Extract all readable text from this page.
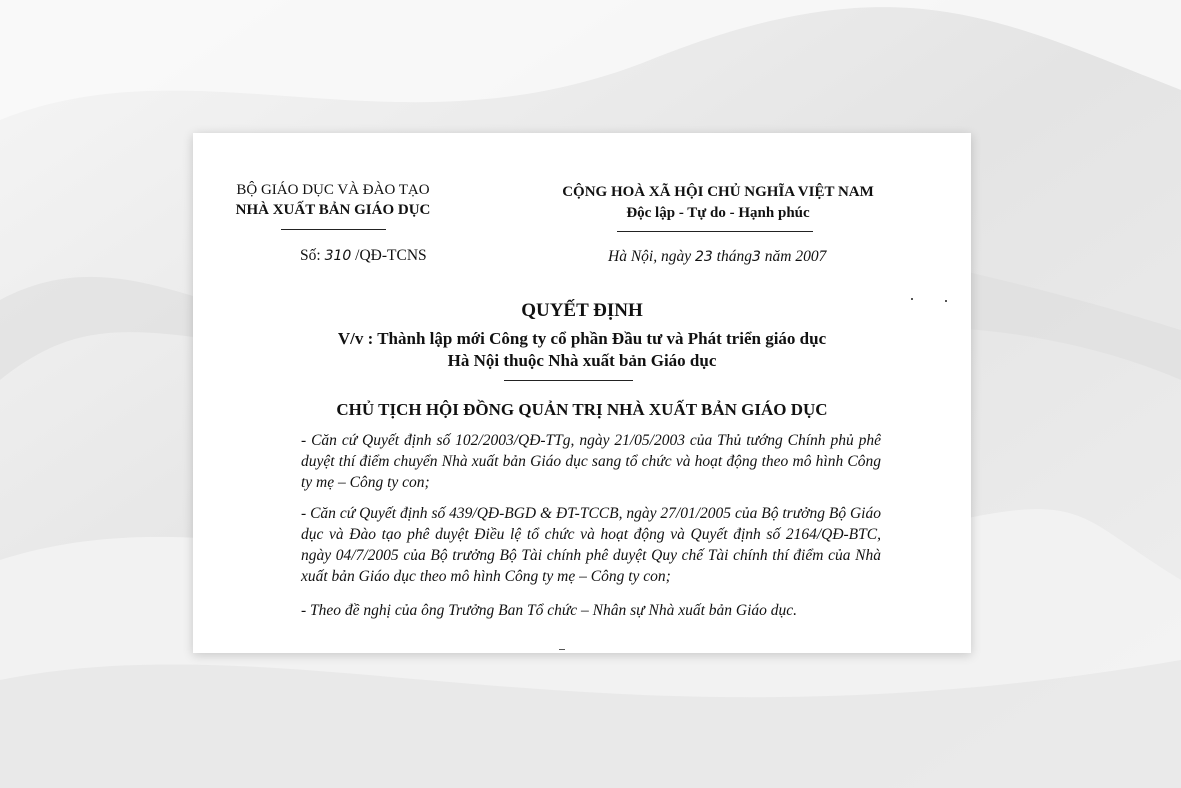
BỘ GIÁO DỤC VÀ ĐÀO TẠO
NHÀ XUẤT BẢN GIÁO DỤC
CỘNG HOÀ XÃ HỘI CHỦ NGHĨA VIỆT NAM
Độc lập - Tự do - Hạnh phúc
Số: 310 /QĐ-TCNS	Hà Nội, ngày 23 tháng3 năm 2007
QUYẾT ĐỊNH
V/v : Thành lập mới Công ty cổ phần Đầu tư và Phát triển giáo dục
Hà Nội thuộc Nhà xuất bản Giáo dục
CHỦ TỊCH HỘI ĐỒNG QUẢN TRỊ NHÀ XUẤT BẢN GIÁO DỤC
- Căn cứ Quyết định số 102/2003/QĐ-TTg, ngày 21/05/2003 của Thủ tướng Chính phủ phê duyệt thí điểm chuyển Nhà xuất bản Giáo dục sang tổ chức và hoạt động theo mô hình Công ty mẹ – Công ty con;
- Căn cứ Quyết định số 439/QĐ-BGD & ĐT-TCCB, ngày 27/01/2005 của Bộ trưởng Bộ Giáo dục và Đào tạo phê duyệt Điều lệ tổ chức và hoạt động và Quyết định số 2164/QĐ-BTC, ngày 04/7/2005 của Bộ trưởng Bộ Tài chính phê duyệt Quy chế Tài chính thí điểm của Nhà xuất bản Giáo dục theo mô hình Công ty mẹ – Công ty con;
- Theo đề nghị của ông Trưởng Ban Tổ chức – Nhân sự Nhà xuất bản Giáo dục.
